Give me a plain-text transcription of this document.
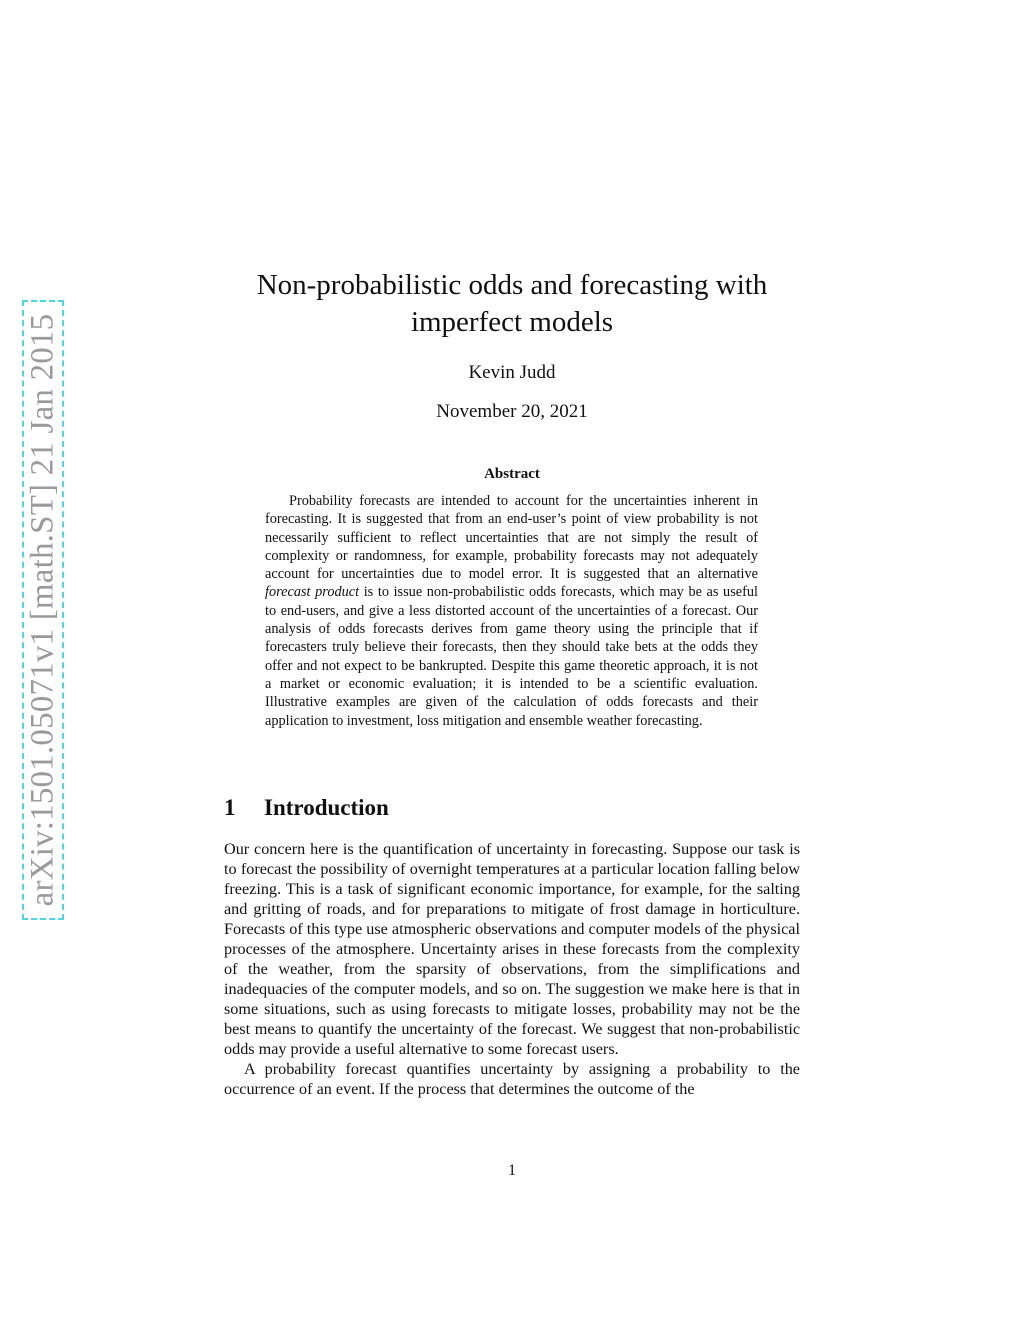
arXiv:1501.05071v1 [math.ST] 21 Jan 2015
Non-probabilistic odds and forecasting with imperfect models
Kevin Judd
November 20, 2021
Abstract

Probability forecasts are intended to account for the uncertainties inherent in forecasting. It is suggested that from an end-user’s point of view probability is not necessarily sufficient to reflect uncertainties that are not simply the result of complexity or randomness, for example, probability forecasts may not adequately account for uncertainties due to model error. It is suggested that an alternative forecast product is to issue non-probabilistic odds forecasts, which may be as useful to end-users, and give a less distorted account of the uncertainties of a forecast. Our analysis of odds forecasts derives from game theory using the principle that if forecasters truly believe their forecasts, then they should take bets at the odds they offer and not expect to be bankrupted. Despite this game theoretic approach, it is not a market or economic evaluation; it is intended to be a scientific evaluation. Illustrative examples are given of the calculation of odds forecasts and their application to investment, loss mitigation and ensemble weather forecasting.

1 Introduction

Our concern here is the quantification of uncertainty in forecasting. Suppose our task is to forecast the possibility of overnight temperatures at a particular location falling below freezing. This is a task of significant economic importance, for example, for the salting and gritting of roads, and for preparations to mitigate of frost damage in horticulture. Forecasts of this type use atmospheric observations and computer models of the physical processes of the atmosphere. Uncertainty arises in these forecasts from the complexity of the weather, from the sparsity of observations, from the simplifications and inadequacies of the computer models, and so on. The suggestion we make here is that in some situations, such as using forecasts to mitigate losses, probability may not be the best means to quantify the uncertainty of the forecast. We suggest that non-probabilistic odds may provide a useful alternative to some forecast users.

A probability forecast quantifies uncertainty by assigning a probability to the occurrence of an event. If the process that determines the outcome of the

1
